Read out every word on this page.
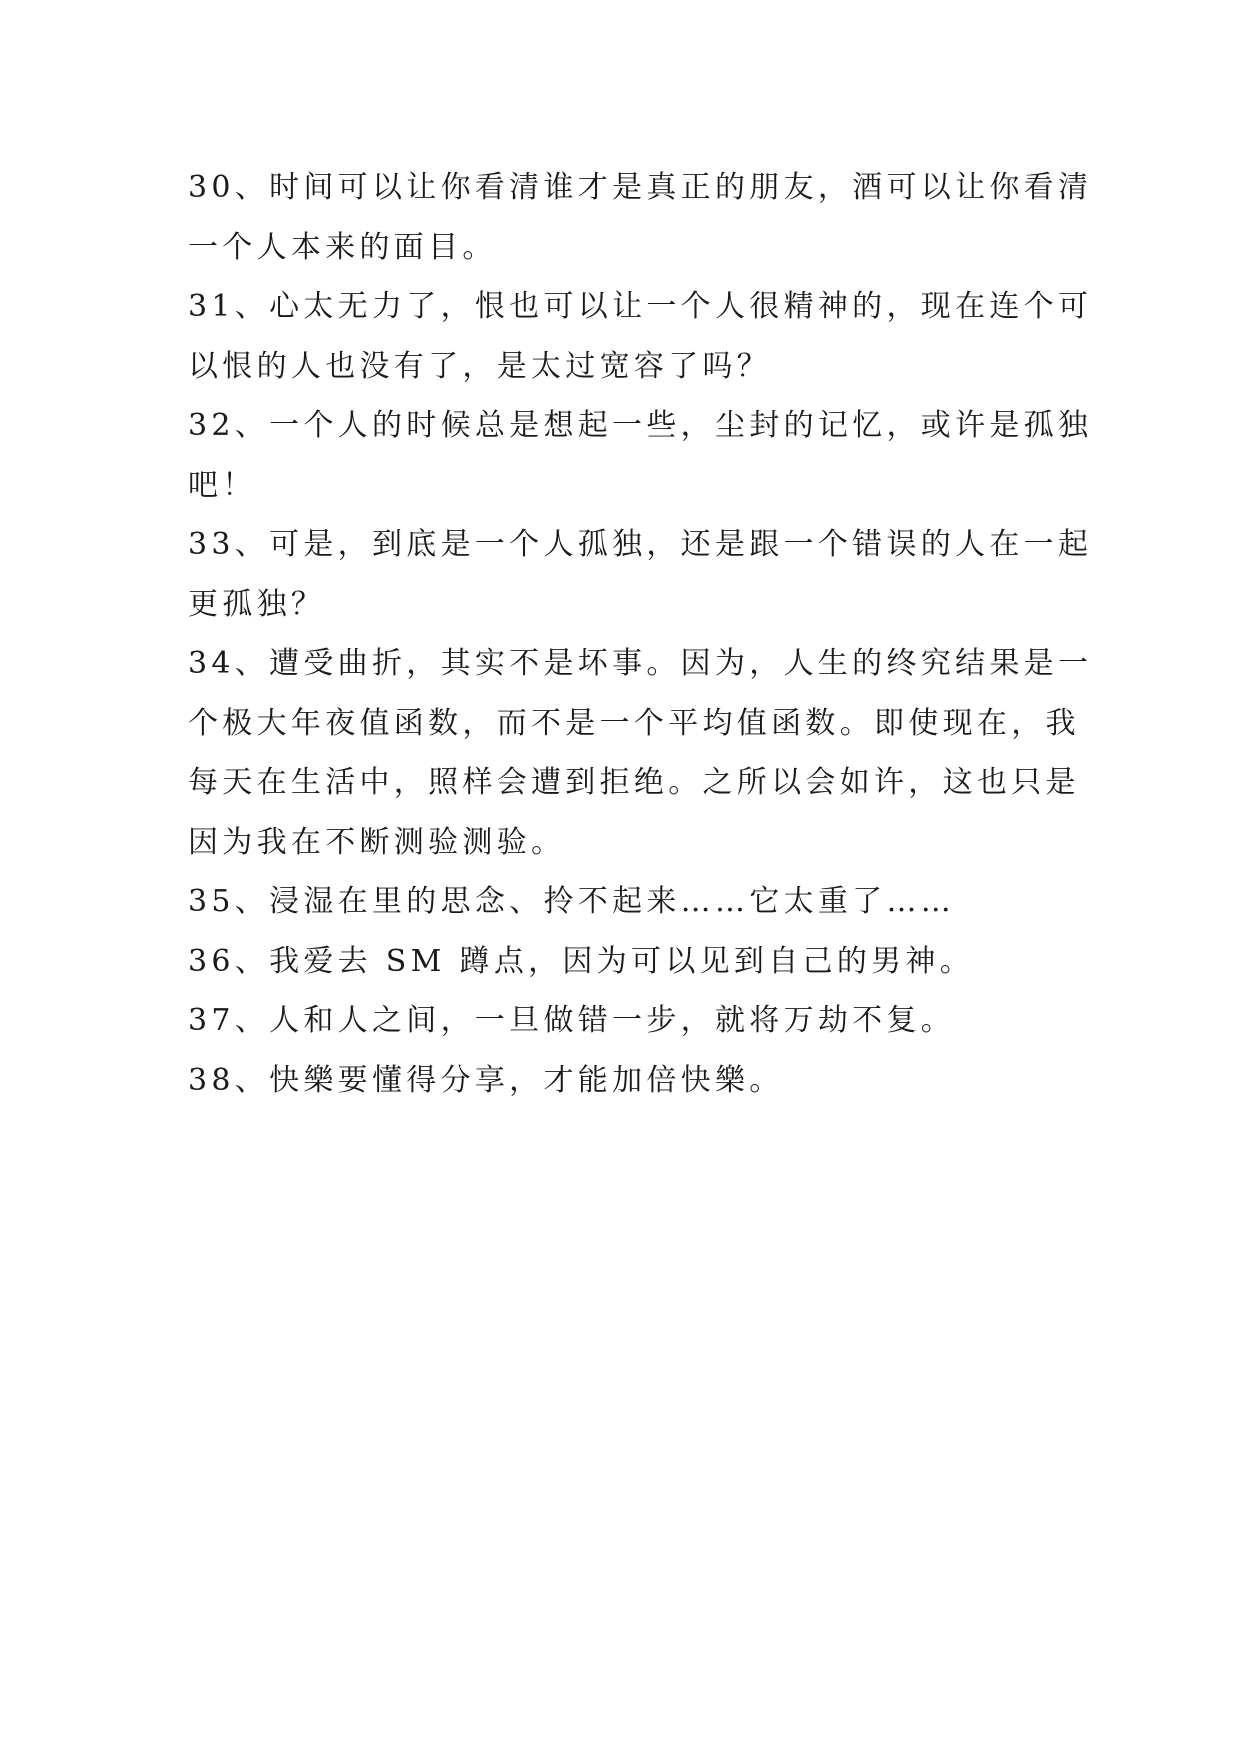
30、时间可以让你看清谁才是真正的朋友，酒可以让你看清
一个人本来的面目。

31、心太无力了，恨也可以让一个人很精神的，现在连个可
以恨的人也没有了，是太过宽容了吗？

32、一个人的时候总是想起一些，尘封的记忆，或许是孤独
吧！

33、可是，到底是一个人孤独，还是跟一个错误的人在一起
更孤独？

34、遭受曲折，其实不是坏事。因为，人生的终究结果是一
个极大年夜值函数，而不是一个平均值函数。即使现在，我
每天在生活中，照样会遭到拒绝。之所以会如许，这也只是
因为我在不断测验测验。

35、浸湿在里的思念、拎不起来……它太重了……

36、我爱去 SM 蹲点，因为可以见到自己的男神。

37、人和人之间，一旦做错一步，就将万劫不复。

38、快樂要懂得分享，才能加倍快樂。
